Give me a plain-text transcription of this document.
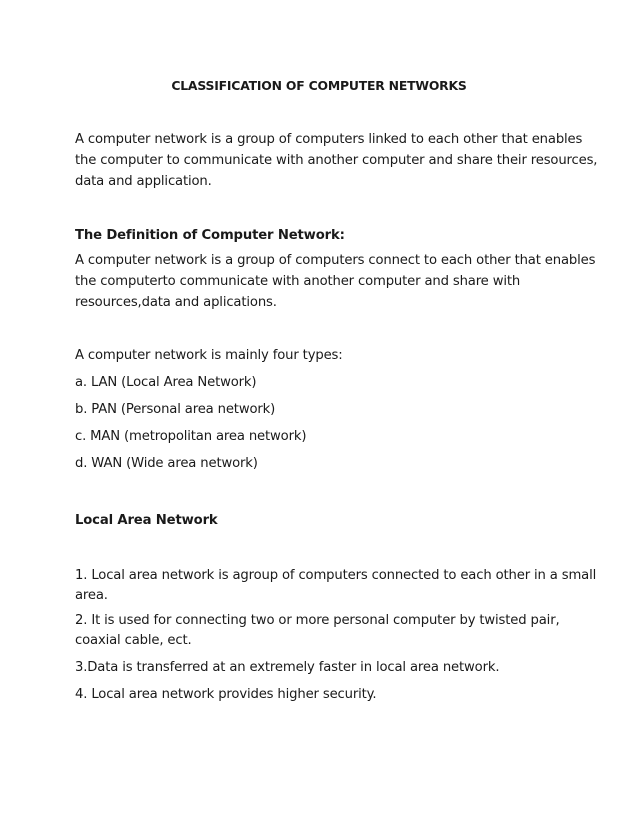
CLASSIFICATION OF COMPUTER NETWORKS
A computer network is a group of computers linked to each other that enables
the computer to communicate with another computer and share their resources,
data and application.
The Definition of Computer Network:
A computer network is a group of computers connect to each other that enables
the computerto communicate with another computer and share with
resources,data and aplications.
A computer network is mainly four types:
a. LAN (Local Area Network)
b. PAN (Personal area network)
c. MAN (metropolitan area network)
d. WAN (Wide area network)
Local Area Network
1. Local area network is agroup of computers connected to each other in a small
area.
2. It is used for connecting two or more personal computer by twisted pair,
coaxial cable, ect.
3.Data is transferred at an extremely faster in local area network.
4. Local area network provides higher security.
